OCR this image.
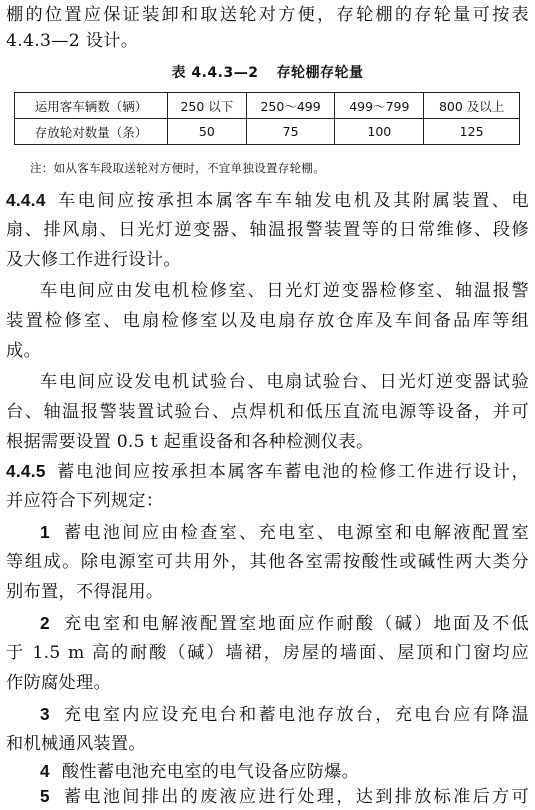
棚的位置应保证装卸和取送轮对方便，存轮棚的存轮量可按表
4.4.3—2 设计。
表 4.4.3—2 存轮棚存轮量
运用客车辆数（辆）	250 以下	250～499	499～799	800 及以上
存放轮对数量（条）	50	75	100	125
注：如从客车段取送轮对方便时，不宜单独设置存轮棚。
4.4.4 车电间应按承担本属客车车轴发电机及其附属装置、电
扇、排风扇、日光灯逆变器、轴温报警装置等的日常维修、段修
及大修工作进行设计。
车电间应由发电机检修室、日光灯逆变器检修室、轴温报警
装置检修室、电扇检修室以及电扇存放仓库及车间备品库等组
成。
车电间应设发电机试验台、电扇试验台、日光灯逆变器试验
台、轴温报警装置试验台、点焊机和低压直流电源等设备，并可
根据需要设置 0.5 t 起重设备和各种检测仪表。
4.4.5 蓄电池间应按承担本属客车蓄电池的检修工作进行设计，
并应符合下列规定：
1 蓄电池间应由检查室、充电室、电源室和电解液配置室
等组成。除电源室可共用外，其他各室需按酸性或碱性两大类分
别布置，不得混用。
2 充电室和电解液配置室地面应作耐酸（碱）地面及不低
于 1.5 m 高的耐酸（碱）墙裙，房屋的墙面、屋顶和门窗均应
作防腐处理。
3 充电室内应设充电台和蓄电池存放台，充电台应有降温
和机械通风装置。
4 酸性蓄电池充电室的电气设备应防爆。
5 蓄电池间排出的废液应进行处理，达到排放标准后方可
